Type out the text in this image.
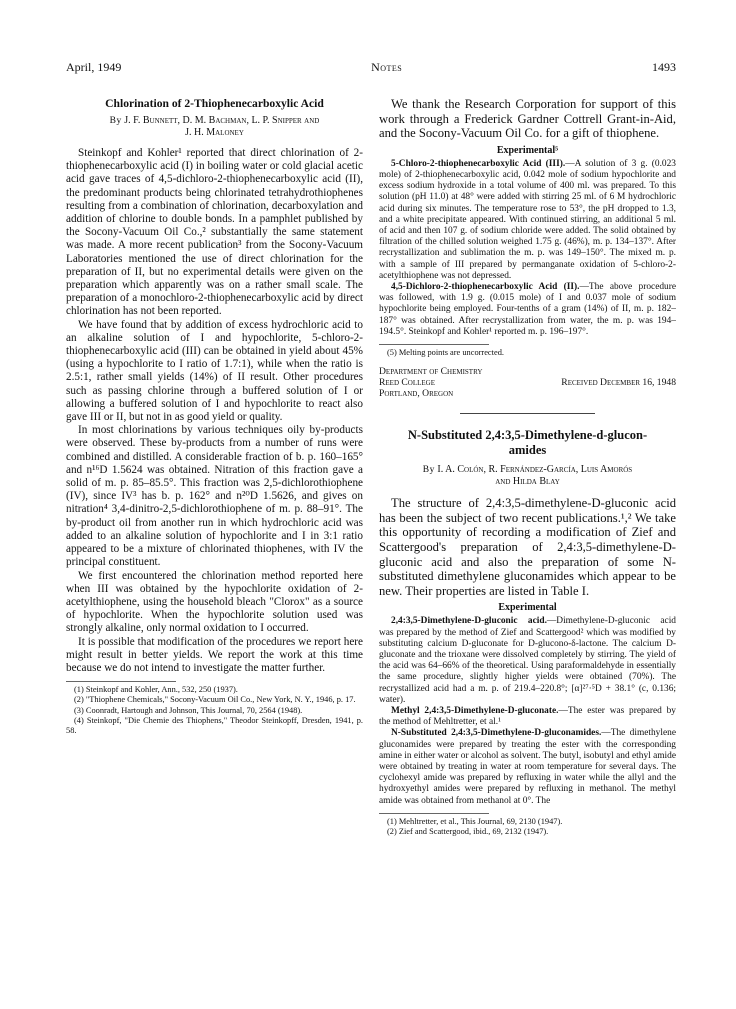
April, 1949	Notes	1493
Chlorination of 2-Thiophenecarboxylic Acid
By J. F. Bunnett, D. M. Bachman, L. P. Snipper and
J. H. Maloney

Steinkopf and Kohler¹ reported that direct chlorination of 2-thiophenecarboxylic acid (I) in boiling water or cold glacial acetic acid gave traces of 4,5-dichloro-2-thiophenecarboxylic acid (II), the predominant products being chlorinated tetrahydrothiophenes resulting from a combination of chlorination, decarboxylation and addition of chlorine to double bonds. In a pamphlet published by the Socony-Vacuum Oil Co.,² substantially the same statement was made. A more recent publication³ from the Socony-Vacuum Laboratories mentioned the use of direct chlorination for the preparation of II, but no experimental details were given on the preparation which apparently was on a rather small scale. The preparation of a monochloro-2-thiophenecarboxylic acid by direct chlorination has not been reported.

We have found that by addition of excess hydrochloric acid to an alkaline solution of I and hypochlorite, 5-chloro-2-thiophenecarboxylic acid (III) can be obtained in yield about 45% (using a hypochlorite to I ratio of 1.7:1), while when the ratio is 2.5:1, rather small yields (14%) of II result. Other procedures such as passing chlorine through a buffered solution of I or allowing a buffered solution of I and hypochlorite to react also gave III or II, but not in as good yield or quality.

In most chlorinations by various techniques oily by-products were observed. These by-products from a number of runs were combined and distilled. A considerable fraction of b. p. 160–165° and n¹⁶D 1.5624 was obtained. Nitration of this fraction gave a solid of m. p. 85–85.5°. This fraction was 2,5-dichlorothiophene (IV), since IV³ has b. p. 162° and n²⁰D 1.5626, and gives on nitration⁴ 3,4-dinitro-2,5-dichlorothiophene of m. p. 88–91°. The by-product oil from another run in which hydrochloric acid was added to an alkaline solution of hypochlorite and I in 3:1 ratio appeared to be a mixture of chlorinated thiophenes, with IV the principal constituent.

We first encountered the chlorination method reported here when III was obtained by the hypochlorite oxidation of 2-acetylthiophene, using the household bleach "Clorox" as a source of hypochlorite. When the hypochlorite solution used was strongly alkaline, only normal oxidation to I occurred.

It is possible that modification of the procedures we report here might result in better yields. We report the work at this time because we do not intend to investigate the matter further.

(1) Steinkopf and Kohler, Ann., 532, 250 (1937).
(2) "Thiophene Chemicals," Socony-Vacuum Oil Co., New York, N. Y., 1946, p. 17.
(3) Coonradt, Hartough and Johnson, This Journal, 70, 2564 (1948).
(4) Steinkopf, "Die Chemie des Thiophens," Theodor Steinkopff, Dresden, 1941, p. 58.

We thank the Research Corporation for support of this work through a Frederick Gardner Cottrell Grant-in-Aid, and the Socony-Vacuum Oil Co. for a gift of thiophene.

Experimental⁵

5-Chloro-2-thiophenecarboxylic Acid (III).—A solution of 3 g. (0.023 mole) of 2-thiophenecarboxylic acid, 0.042 mole of sodium hypochlorite and excess sodium hydroxide in a total volume of 400 ml. was prepared. To this solution (pH 11.0) at 48° were added with stirring 25 ml. of 6 M hydrochloric acid during six minutes. The temperature rose to 53°, the pH dropped to 1.3, and a white precipitate appeared. With continued stirring, an additional 5 ml. of acid and then 107 g. of sodium chloride were added. The solid obtained by filtration of the chilled solution weighed 1.75 g. (46%), m. p. 134–137°. After recrystallization and sublimation the m. p. was 149–150°. The mixed m. p. with a sample of III prepared by permanganate oxidation of 5-chloro-2-acetylthiophene was not depressed.

4,5-Dichloro-2-thiophenecarboxylic Acid (II).—The above procedure was followed, with 1.9 g. (0.015 mole) of I and 0.037 mole of sodium hypochlorite being employed. Four-tenths of a gram (14%) of II, m. p. 182–187° was obtained. After recrystallization from water, the m. p. was 194–194.5°. Steinkopf and Kohler¹ reported m. p. 196–197°.

(5) Melting points are uncorrected.
Department of Chemistry
Reed College	Received December 16, 1948
Portland, Oregon
N-Substituted 2,4:3,5-Dimethylene-d-glucon-
amides
By I. A. Colón, R. Fernández-García, Luis Amorós
and Hilda Blay

The structure of 2,4:3,5-dimethylene-D-gluconic acid has been the subject of two recent publications.¹,² We take this opportunity of recording a modification of Zief and Scattergood's preparation of 2,4:3,5-dimethylene-D-gluconic acid and also the preparation of some N-substituted dimethylene gluconamides which appear to be new. Their properties are listed in Table I.

Experimental

2,4:3,5-Dimethylene-D-gluconic acid.—Dimethylene-D-gluconic acid was prepared by the method of Zief and Scattergood² which was modified by substituting calcium D-gluconate for D-glucono-δ-lactone. The calcium D-gluconate and the trioxane were dissolved completely by stirring. The yield of the acid was 64–66% of the theoretical. Using paraformaldehyde in essentially the same procedure, slightly higher yields were obtained (70%). The recrystallized acid had a m. p. of 219.4–220.8°; [α]²⁷·⁵D + 38.1° (c, 0.136; water).

Methyl 2,4:3,5-Dimethylene-D-gluconate.—The ester was prepared by the method of Mehltretter, et al.¹

N-Substituted 2,4:3,5-Dimethylene-D-gluconamides.—The dimethylene gluconamides were prepared by treating the ester with the corresponding amine in either water or alcohol as solvent. The butyl, isobutyl and ethyl amide were obtained by treating in water at room temperature for several days. The cyclohexyl amide was prepared by refluxing in water while the allyl and the hydroxyethyl amides were prepared by refluxing in methanol. The methyl amide was obtained from methanol at 0°. The

(1) Mehltretter, et al., This Journal, 69, 2130 (1947).
(2) Zief and Scattergood, ibid., 69, 2132 (1947).
